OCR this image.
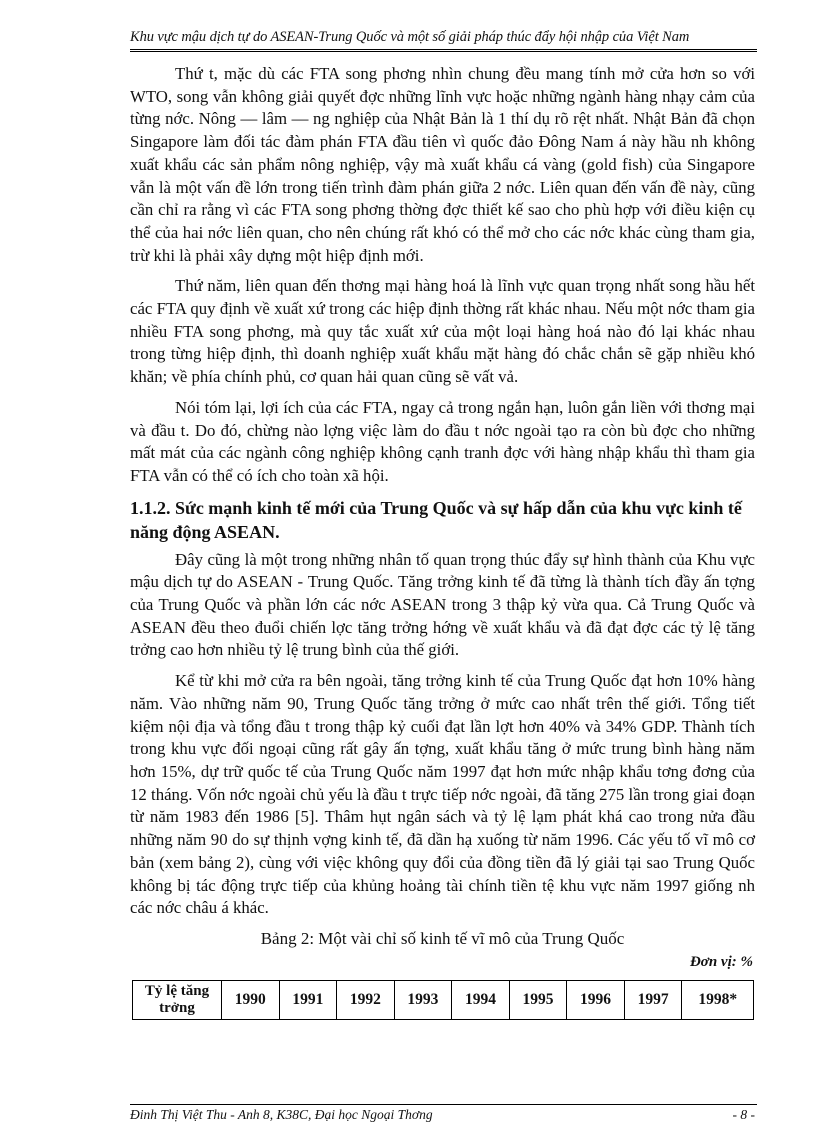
Khu vực mậu dịch tự do ASEAN-Trung Quốc và một số giải pháp thúc đẩy hội nhập của Việt Nam

Thứ t, mặc dù các FTA song phơng nhìn chung đều mang tính mở cửa hơn so với WTO, song vẫn không giải quyết đợc những lĩnh vực hoặc những ngành hàng nhạy cảm của từng nớc. Nông — lâm — ng nghiệp của Nhật Bản là 1 thí dụ rõ rệt nhất. Nhật Bản đã chọn Singapore làm đối tác đàm phán FTA đầu tiên vì quốc đảo Đông Nam á này hầu nh không xuất khẩu các sản phẩm nông nghiệp, vậy mà xuất khẩu cá vàng (gold fish) của Singapore vẫn là một vấn đề lớn trong tiến trình đàm phán giữa 2 nớc. Liên quan đến vấn đề này, cũng cần chỉ ra rằng vì các FTA song phơng thờng đợc thiết kế sao cho phù hợp với điều kiện cụ thể của hai nớc liên quan, cho nên chúng rất khó có thể mở cho các nớc khác cùng tham gia, trừ khi là phải xây dựng một hiệp định mới.

Thứ năm, liên quan đến thơng mại hàng hoá là lĩnh vực quan trọng nhất song hầu hết các FTA quy định về xuất xứ trong các hiệp định thờng rất khác nhau. Nếu một nớc tham gia nhiều FTA song phơng, mà quy tắc xuất xứ của một loại hàng hoá nào đó lại khác nhau trong từng hiệp định, thì doanh nghiệp xuất khẩu mặt hàng đó chắc chắn sẽ gặp nhiều khó khăn; về phía chính phủ, cơ quan hải quan cũng sẽ vất vả.

Nói tóm lại, lợi ích của các FTA, ngay cả trong ngắn hạn, luôn gắn liền với thơng mại và đầu t. Do đó, chừng nào lợng việc làm do đầu t nớc ngoài tạo ra còn bù đợc cho những mất mát của các ngành công nghiệp không cạnh tranh đợc với hàng nhập khẩu thì tham gia FTA vẫn có thể có ích cho toàn xã hội.

1.1.2. Sức mạnh kinh tế mới của Trung Quốc và sự hấp dẫn của khu vực kinh tế năng động ASEAN.

Đây cũng là một trong những nhân tố quan trọng thúc đẩy sự hình thành của Khu vực mậu dịch tự do ASEAN - Trung Quốc. Tăng trởng kinh tế đã từng là thành tích đầy ấn tợng của Trung Quốc và phần lớn các nớc ASEAN trong 3 thập kỷ vừa qua. Cả Trung Quốc và ASEAN đều theo đuổi chiến lợc tăng trởng hớng về xuất khẩu và đã đạt đợc các tỷ lệ tăng trởng cao hơn nhiều tỷ lệ trung bình của thế giới.

Kể từ khi mở cửa ra bên ngoài, tăng trởng kinh tế của Trung Quốc đạt hơn 10% hàng năm. Vào những năm 90, Trung Quốc tăng trởng ở mức cao nhất trên thế giới. Tổng tiết kiệm nội địa và tổng đầu t trong thập kỷ cuối đạt lần lợt hơn 40% và 34% GDP. Thành tích trong khu vực đối ngoại cũng rất gây ấn tợng, xuất khẩu tăng ở mức trung bình hàng năm hơn 15%, dự trữ quốc tế của Trung Quốc năm 1997 đạt hơn mức nhập khẩu tơng đơng của 12 tháng. Vốn nớc ngoài chủ yếu là đầu t trực tiếp nớc ngoài, đã tăng 275 lần trong giai đoạn từ năm 1983 đến 1986 [5]. Thâm hụt ngân sách và tỷ lệ lạm phát khá cao trong nửa đầu những năm 90 do sự thịnh vợng kinh tế, đã dần hạ xuống từ năm 1996. Các yếu tố vĩ mô cơ bản (xem bảng 2), cùng với việc không quy đổi của đồng tiền đã lý giải tại sao Trung Quốc không bị tác động trực tiếp của khủng hoảng tài chính tiền tệ khu vực năm 1997 giống nh các nớc châu á khác.

Bảng 2: Một vài chỉ số kinh tế vĩ mô của Trung Quốc
Đơn vị: %
Tỷ lệ tăng trởng	1990	1991	1992	1993	1994	1995	1996	1997	1998*
Đinh Thị Việt Thu - Anh 8, K38C, Đại học Ngoại Thơng	- 8 -
